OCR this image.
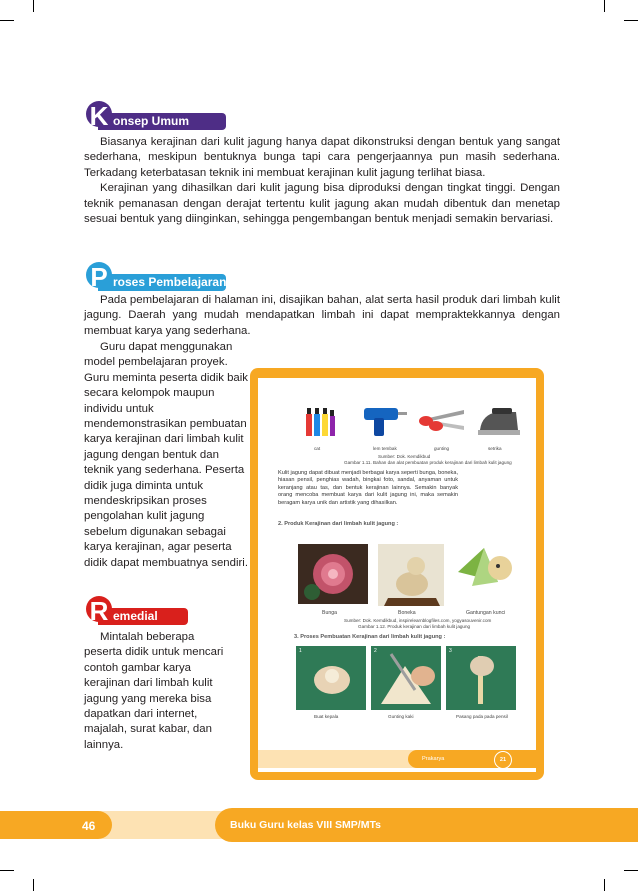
K onsep Umum

Biasanya kerajinan dari kulit jagung hanya dapat dikonstruksi dengan bentuk yang sangat sederhana, meskipun bentuknya bunga tapi cara pengerjaannya pun masih sederhana. Terkadang keterbatasan teknik ini membuat kerajinan kulit jagung terlihat biasa.

Kerajinan yang dihasilkan dari kulit jagung bisa diproduksi dengan tingkat tinggi. Dengan teknik pemanasan dengan derajat tertentu kulit jagung akan mudah dibentuk dan menetap sesuai bentuk yang diinginkan, sehingga pengembangan bentuk menjadi semakin bervariasi.

P roses Pembelajaran

Pada pembelajaran di halaman ini, disajikan bahan, alat serta hasil produk dari limbah kulit jagung. Daerah yang mudah mendapatkan limbah ini dapat mempraktekkannya dengan membuat karya yang sederhana.

Guru dapat menggunakan model pembelajaran proyek. Guru meminta peserta didik baik secara kelompok maupun individu untuk mendemonstrasikan pembuatan karya kerajinan dari limbah kulit jagung dengan bentuk dan teknik yang sederhana. Peserta didik juga diminta untuk mendeskripsikan proses pengolahan kulit jagung sebelum digunakan sebagai karya kerajinan, agar peserta didik dapat membuatnya sendiri.

R emedial

Mintalah beberapa peserta didik untuk mencari contoh gambar karya kerajinan dari limbah kulit jagung yang mereka bisa dapatkan dari internet, majalah, surat kabar, dan lainnya.

cat	lem tembak	gunting	setrika
Sumber: Dok. Kemdikbud
Gambar 1.11. Bahan dan alat pembuatan produk kerajinan dari limbah kulit jagung
Kulit jagung dapat dibuat menjadi berbagai karya seperti bunga, boneka, hiasan pensil, penghias wadah, bingkai foto, sandal, anyaman untuk keranjang atau tas, dan bentuk kerajinan lainnya. Semakin banyak orang mencoba membuat karya dari kulit jagung ini, maka semakin beragam karya unik dan artistik yang dihasilkan.
2. Produk Kerajinan dari limbah kulit jagung :
Bunga	Boneka	Gantungan kunci
Sumber: Dok. Kemdikbud, inspirelearnblogfiles.com, yogyasouvenir.com
Gambar 1.12. Produk kerajinan dari limbah kulit jagung
3. Proses Pembuatan Kerajinan dari limbah kulit jagung :
1	2	3
Buat kepala	Gunting kaki	Pasang pada pada pensil
Prakarya	21
46	Buku Guru kelas VIII SMP/MTs
